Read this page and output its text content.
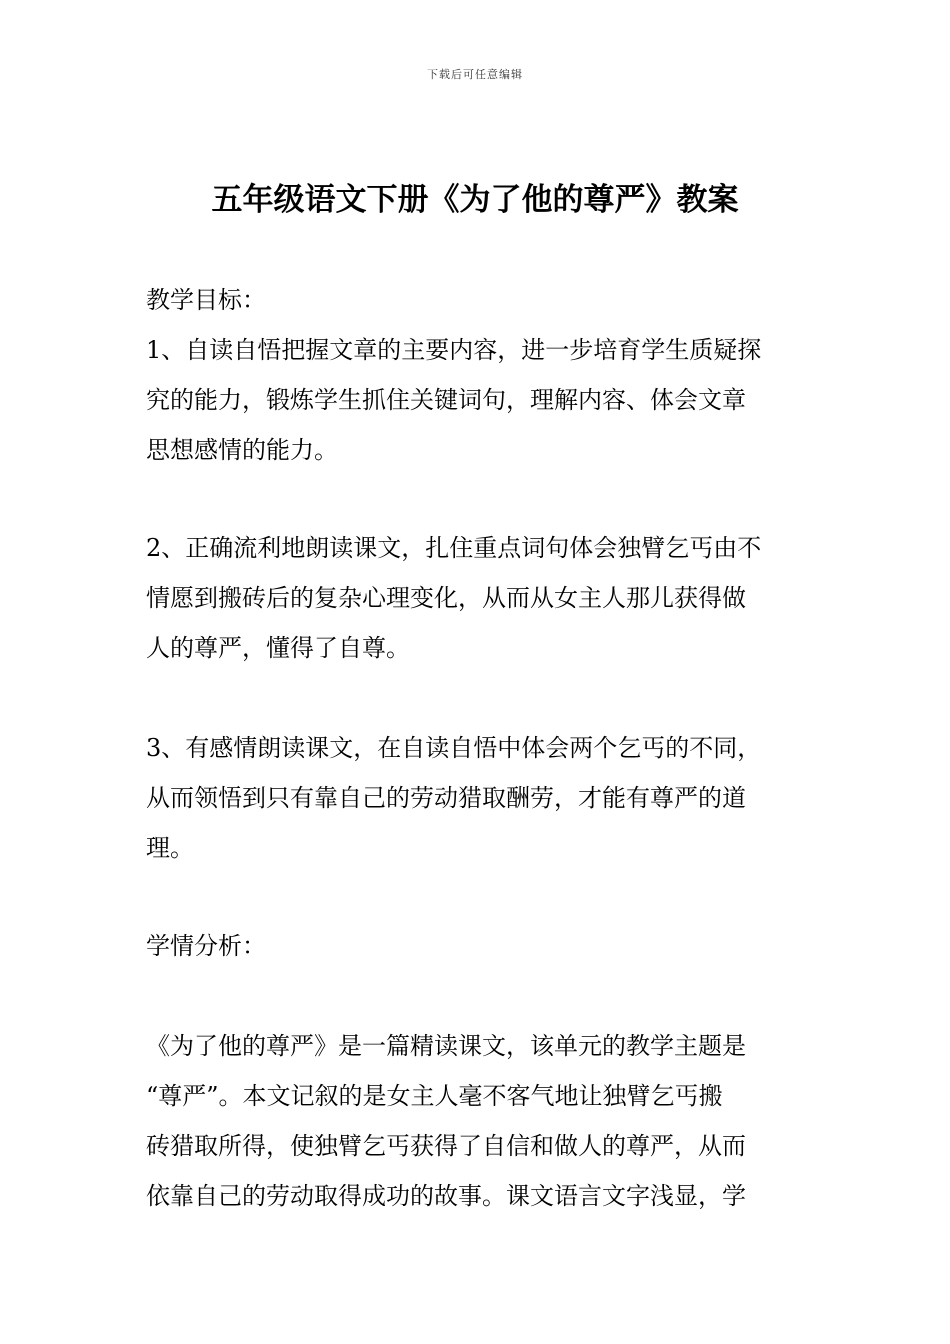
下载后可任意编辑
五年级语文下册《为了他的尊严》教案
教学目标：
1、自读自悟把握文章的主要内容，进一步培育学生质疑探
究的能力，锻炼学生抓住关键词句，理解内容、体会文章
思想感情的能力。
2、正确流利地朗读课文，扎住重点词句体会独臂乞丐由不
情愿到搬砖后的复杂心理变化，从而从女主人那儿获得做
人的尊严，懂得了自尊。
3、有感情朗读课文，在自读自悟中体会两个乞丐的不同，
从而领悟到只有靠自己的劳动猎取酬劳，才能有尊严的道
理。
学情分析：
《为了他的尊严》是一篇精读课文，该单元的教学主题是
“尊严”。本文记叙的是女主人毫不客气地让独臂乞丐搬
砖猎取所得，使独臂乞丐获得了自信和做人的尊严，从而
依靠自己的劳动取得成功的故事。课文语言文字浅显，学
